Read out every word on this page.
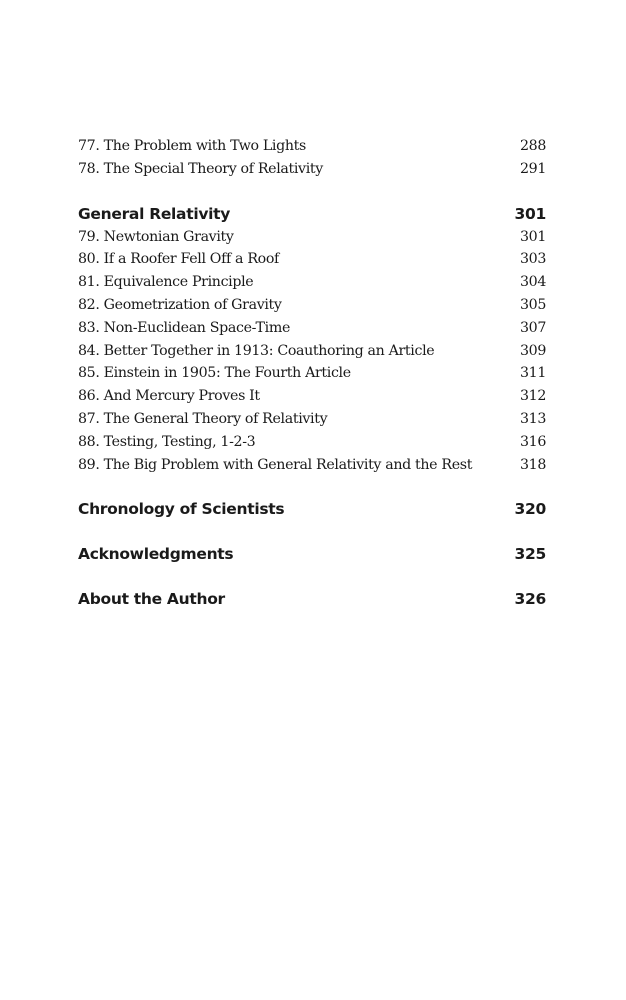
77. The Problem with Two Lights	288
78. The Special Theory of Relativity	291
General Relativity	301
79. Newtonian Gravity	301
80. If a Roofer Fell Off a Roof	303
81. Equivalence Principle	304
82. Geometrization of Gravity	305
83. Non-Euclidean Space-Time	307
84. Better Together in 1913: Coauthoring an Article	309
85. Einstein in 1905: The Fourth Article	311
86. And Mercury Proves It	312
87. The General Theory of Relativity	313
88. Testing, Testing, 1-2-3	316
89. The Big Problem with General Relativity and the Rest	318
Chronology of Scientists	320
Acknowledgments	325
About the Author	326
